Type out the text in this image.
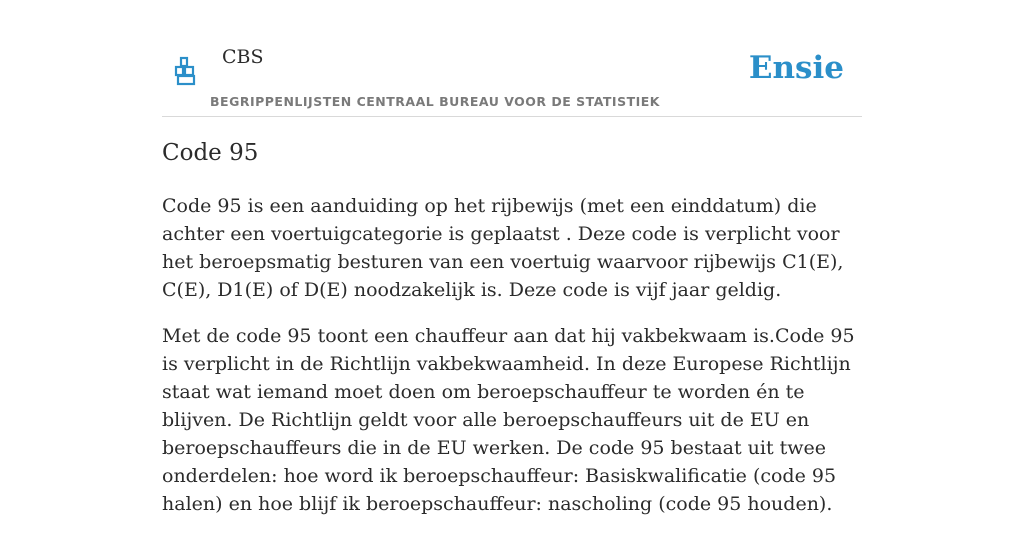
CBS
BEGRIPPENLIJSTEN CENTRAAL BUREAU VOOR DE STATISTIEK
Ensie
Code 95

Code 95 is een aanduiding op het rijbewijs (met een einddatum) die achter een voertuigcategorie is geplaatst . Deze code is verplicht voor het beroepsmatig besturen van een voertuig waarvoor rijbewijs C1(E), C(E), D1(E) of D(E) noodzakelijk is. Deze code is vijf jaar geldig.

Met de code 95 toont een chauffeur aan dat hij vakbekwaam is.Code 95 is verplicht in de Richtlijn vakbekwaamheid. In deze Europese Richtlijn staat wat iemand moet doen om beroepschauffeur te worden én te blijven. De Richtlijn geldt voor alle beroepschauffeurs uit de EU en beroepschauffeurs die in de EU werken. De code 95 bestaat uit twee onderdelen: hoe word ik beroepschauffeur: Basiskwalificatie (code 95 halen) en hoe blijf ik beroepschauffeur: nascholing (code 95 houden).
